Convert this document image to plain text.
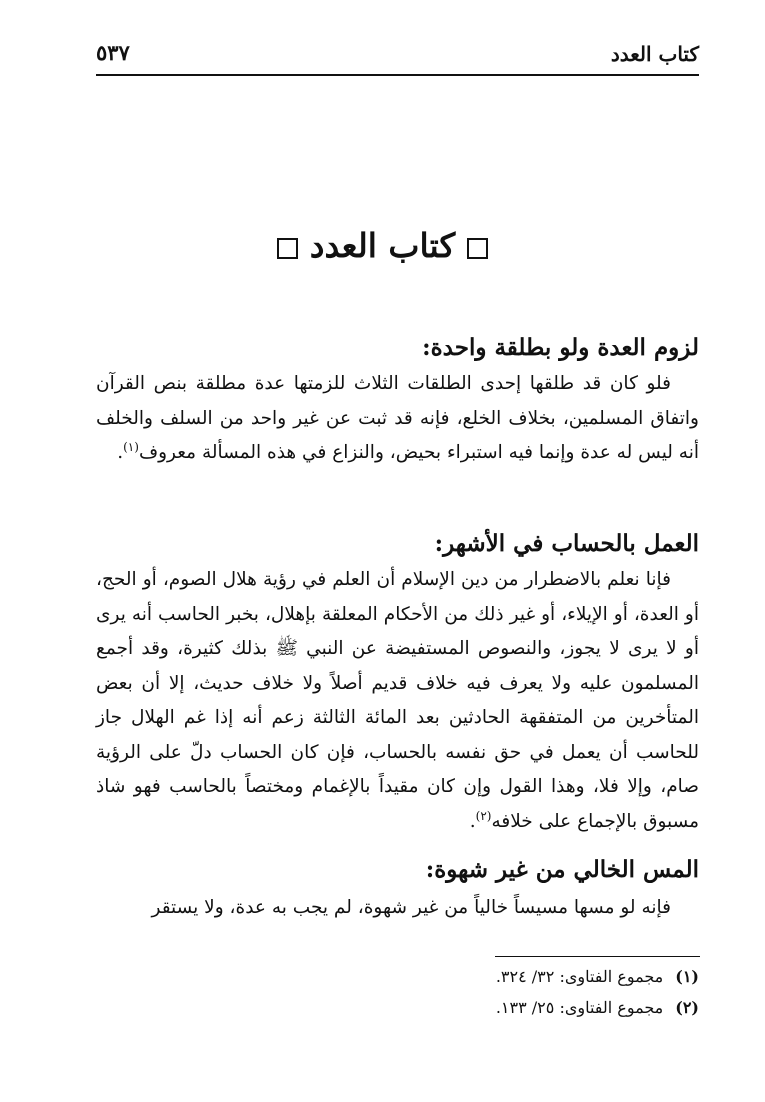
كتاب العدد
٥٣٧
كتاب العدد
لزوم العدة ولو بطلقة واحدة:

فلو كان قد طلقها إحدى الطلقات الثلاث للزمتها عدة مطلقة بنص القرآن واتفاق المسلمين، بخلاف الخلع، فإنه قد ثبت عن غير واحد من السلف والخلف أنه ليس له عدة وإنما فيه استبراء بحيض، والنزاع في هذه المسألة معروف$^{(١)}$.

العمل بالحساب في الأشهر:

فإنا نعلم بالاضطرار من دين الإسلام أن العلم في رؤية هلال الصوم، أو الحج، أو العدة، أو الإيلاء، أو غير ذلك من الأحكام المعلقة بإهلال، بخبر الحاسب أنه يرى أو لا يرى لا يجوز، والنصوص المستفيضة عن النبي ﷺ بذلك كثيرة، وقد أجمع المسلمون عليه ولا يعرف فيه خلاف قديم أصلاً ولا خلاف حديث، إلا أن بعض المتأخرين من المتفقهة الحادثين بعد المائة الثالثة زعم أنه إذا غم الهلال جاز للحاسب أن يعمل في حق نفسه بالحساب، فإن كان الحساب دلّ على الرؤية صام، وإلا فلا، وهذا القول وإن كان مقيداً بالإغمام ومختصاً بالحاسب فهو شاذ مسبوق بالإجماع على خلافه$^{(٢)}$.

المس الخالي من غير شهوة:

فإنه لو مسها مسيساً خالياً من غير شهوة، لم يجب به عدة، ولا يستقر

(١)مجموع الفتاوى: ٣٢/ ٣٢٤.
(٢)مجموع الفتاوى: ٢٥/ ١٣٣.
